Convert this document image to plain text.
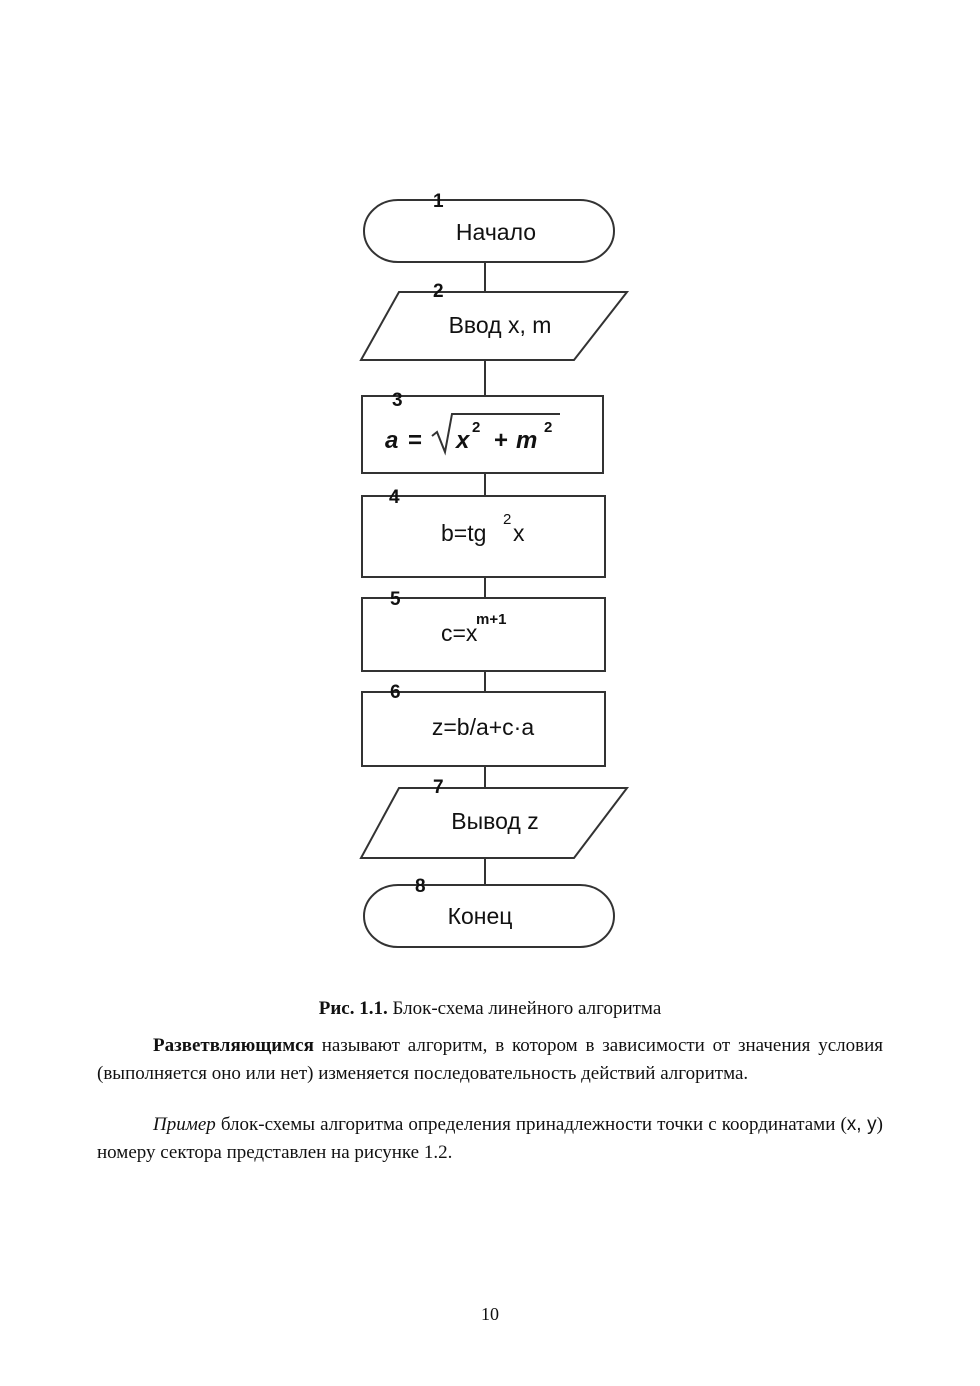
1
Начало
2
Ввод x, m
3
a = x 2 + m 2
4
b=tg
2
x
5
c=x
m+1
6
z=b/a+c·a
7
Вывод z
8
Конец
Рис. 1.1. Блок-схема линейного алгоритма

Разветвляющимся называют алгоритм, в котором в зависимости от значения условия (выполняется оно или нет) изменяется последовательность действий алгоритма.

Пример блок-схемы алгоритма определения принадлежности точки с координатами (x, y) номеру сектора представлен на рисунке 1.2.

10
